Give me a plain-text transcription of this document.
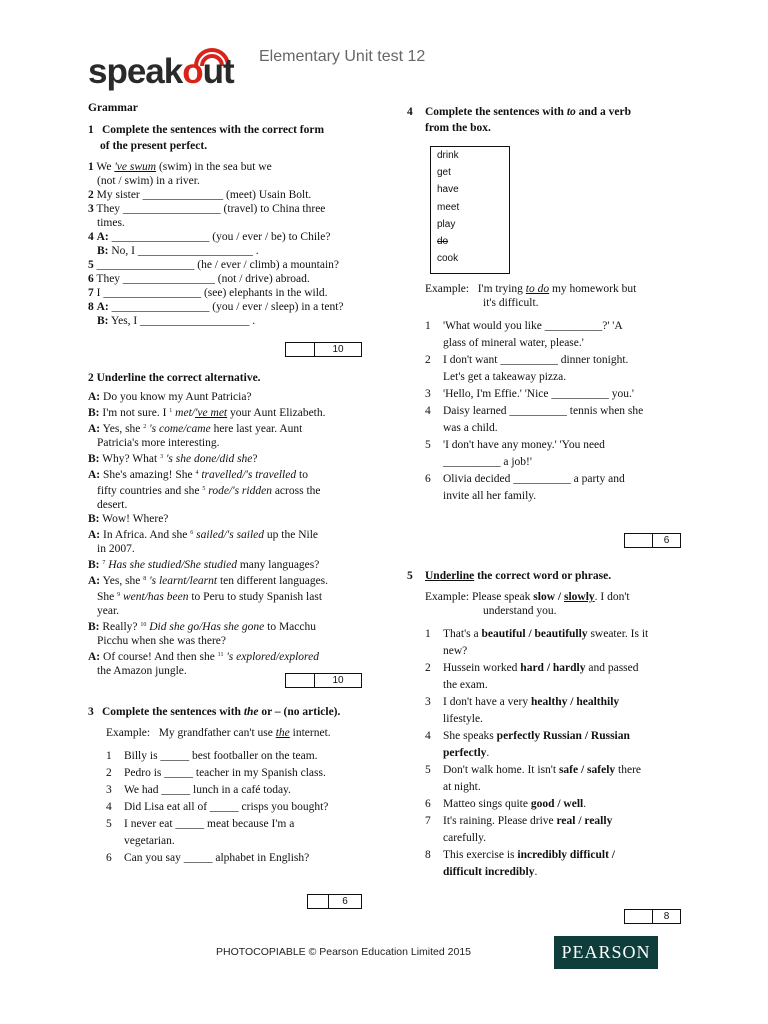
speakout Elementary Unit test 12
Grammar
1 Complete the sentences with the correct form
of the present perfect.
1 We 've swum (swim) in the sea but we
(not / swim) in a river.
2 My sister ______________ (meet) Usain Bolt.
3 They _________________ (travel) to China three
times.
4 A: _________________ (you / ever / be) to Chile?
B: No, I ____________________ .
5 _________________ (he / ever / climb) a mountain?
6 They ________________ (not / drive) abroad.
7 I _________________ (see) elephants in the wild.
8 A: _________________ (you / ever / sleep) in a tent?
B: Yes, I ___________________ .
10
2 Underline the correct alternative.
A: Do you know my Aunt Patricia?
B: I'm not sure. I $^1$ met/'ve met your Aunt Elizabeth.
A: Yes, she $^2$ 's come/came here last year. Aunt
Patricia's more interesting.
B: Why? What $^3$ 's she done/did she?
A: She's amazing! She $^4$ travelled/'s travelled to
fifty countries and she $^5$ rode/'s ridden across the
desert.
B: Wow! Where?
A: In Africa. And she $^6$ sailed/'s sailed up the Nile
in 2007.
B: $^7$ Has she studied/She studied many languages?
A: Yes, she $^8$ 's learnt/learnt ten different languages.
She $^9$ went/has been to Peru to study Spanish last
year.
B: Really? $^{10}$ Did she go/Has she gone to Macchu
Picchu when she was there?
A: Of course! And then she $^{11}$ 's explored/explored
the Amazon jungle.
10
3 Complete the sentences with the or – (no article).
Example: My grandfather can't use the internet.
1	Billy is _____ best footballer on the team.
2	Pedro is _____ teacher in my Spanish class.
3	We had _____ lunch in a café today.
4	Did Lisa eat all of _____ crisps you bought?
5	I never eat _____ meat because I'm a
vegetarian.
6	Can you say _____ alphabet in English?
6
4 Complete the sentences with to and a verb
from the box.
drink
get
have
meet
play
do
cook
Example: I'm trying to do my homework but
it's difficult.
1	'What would you like __________?' 'A
glass of mineral water, please.'
2	I don't want __________ dinner tonight.
Let's get a takeaway pizza.
3	'Hello, I'm Effie.' 'Nice __________ you.'
4	Daisy learned __________ tennis when she
was a child.
5	'I don't have any money.' 'You need
__________ a job!'
6	Olivia decided __________ a party and
invite all her family.
6
5 Underline the correct word or phrase.
Example: Please speak slow / slowly. I don't
understand you.
1	That's a beautiful / beautifully sweater. Is it
new?
2	Hussein worked hard / hardly and passed
the exam.
3	I don't have a very healthy / healthily
lifestyle.
4	She speaks perfectly Russian / Russian
perfectly.
5	Don't walk home. It isn't safe / safely there
at night.
6	Matteo sings quite good / well.
7	It's raining. Please drive real / really
carefully.
8	This exercise is incredibly difficult /
difficult incredibly.
8
PHOTOCOPIABLE © Pearson Education Limited 2015	PEARSON
